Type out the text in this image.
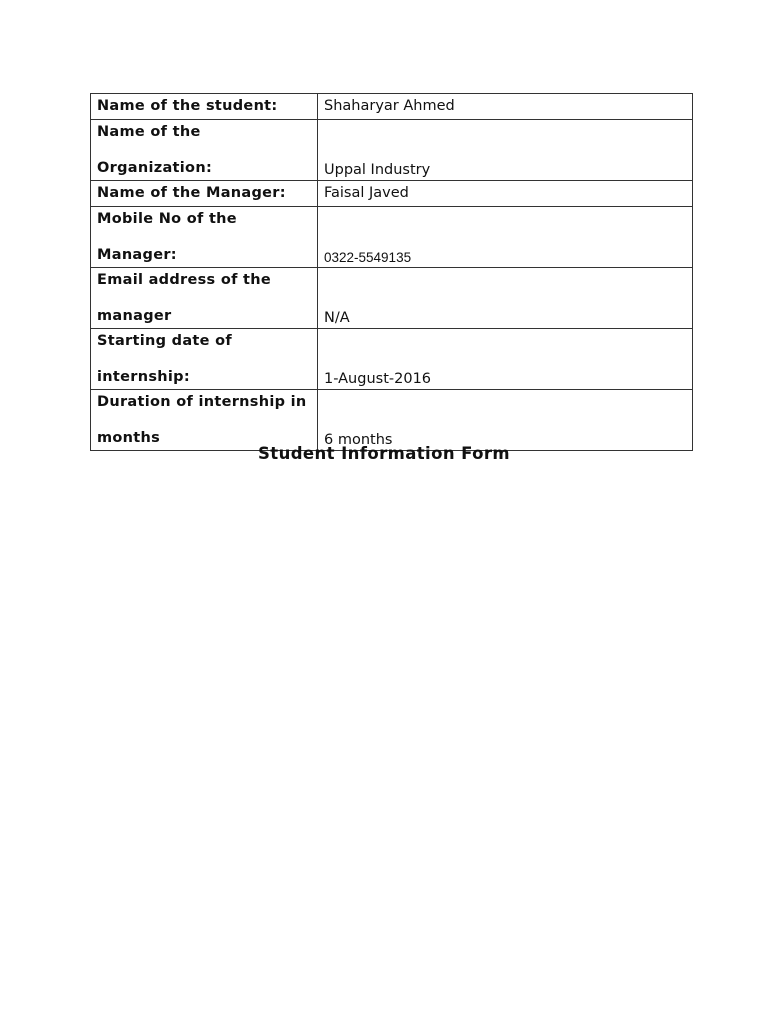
Name of the student:	Shaharyar Ahmed

Name of the
Organization:	Uppal Industry

Name of the Manager:	Faisal Javed

Mobile No of the
Manager:	0322-5549135

Email address of the
manager	N/A

Starting date of
internship:	1-August-2016

Duration of internship in
months	6 months
Student Information Form
